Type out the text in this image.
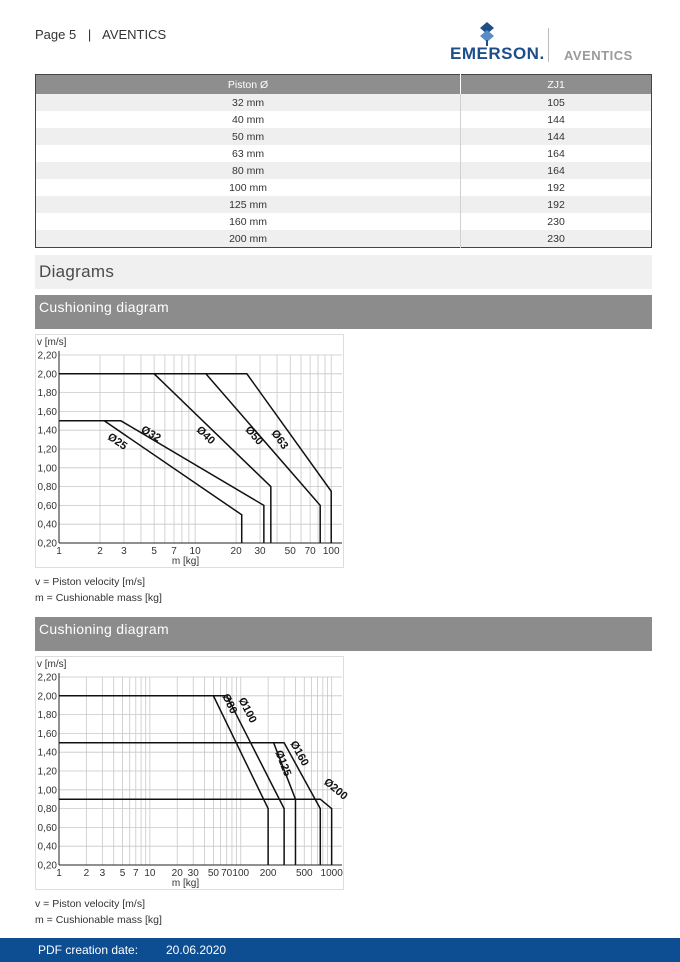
Page 5 | AVENTICS
EMERSON. AVENTICS
Piston Ø	ZJ1
32 mm	105
40 mm	144
50 mm	144
63 mm	164
80 mm	164
100 mm	192
125 mm	192
160 mm	230
200 mm	230
Diagrams
Cushioning diagram
2,20
2,00
1,80
1,60
1,40
1,20
1,00
0,80
0,60
0,40
0,20
1	2 3 5 7 10	20 30 50 70 100
v [m/s]
m [kg]
Ø25 Ø32	Ø40 Ø50 Ø63
v = Piston velocity [m/s]
m = Cushionable mass [kg]
Cushioning diagram
2,20
2,00
1,80
1,60
1,40
1,20
1,00
0,80
0,60
0,40
0,20
1 2 3 5 7 10 20 30 50 70 100 200 500 1000
v [m/s]
m [kg]
Ø80
Ø100
Ø125
Ø160
Ø200
v = Piston velocity [m/s]
m = Cushionable mass [kg]
PDF creation date: 20.06.2020
